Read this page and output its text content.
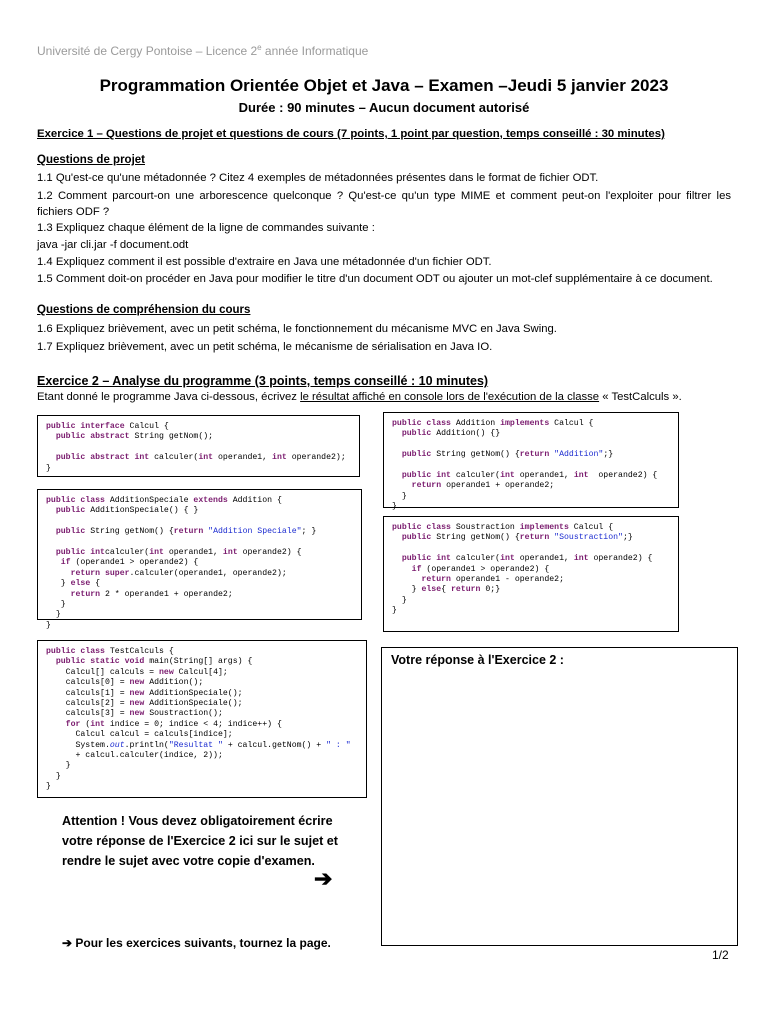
Université de Cergy Pontoise – Licence 2e année Informatique
Programmation Orientée Objet et Java – Examen –Jeudi 5 janvier 2023
Durée : 90 minutes – Aucun document autorisé
Exercice 1 – Questions de projet et questions de cours (7 points, 1 point par question, temps conseillé : 30 minutes)
Questions de projet
1.1 Qu'est-ce qu'une métadonnée ? Citez 4 exemples de métadonnées présentes dans le format de fichier ODT.
1.2 Comment parcourt-on une arborescence quelconque ? Qu'est-ce qu'un type MIME et comment peut-on l'exploiter pour filtrer les fichiers ODF ?
1.3 Expliquez chaque élément de la ligne de commandes suivante :
java -jar cli.jar -f document.odt
1.4 Expliquez comment il est possible d'extraire en Java une métadonnée d'un fichier ODT.
1.5 Comment doit-on procéder en Java pour modifier le titre d'un document ODT ou ajouter un mot-clef supplémentaire à ce document.
Questions de compréhension du cours
1.6 Expliquez brièvement, avec un petit schéma, le fonctionnement du mécanisme MVC en Java Swing.
1.7 Expliquez brièvement, avec un petit schéma, le mécanisme de sérialisation en Java IO.
Exercice 2 – Analyse du programme (3 points, temps conseillé : 10 minutes)
Etant donné le programme Java ci-dessous, écrivez le résultat affiché en console lors de l'exécution de la classe « TestCalculs ».
public interface Calcul {
public abstract String getNom();

public abstract int calculer(int operande1, int operande2);
}
public class AdditionSpeciale extends Addition {
public AdditionSpeciale() { }

public String getNom() {return "Addition Speciale"; }

public intcalculer(int operande1, int operande2) {
if (operande1 > operande2) {
return super.calculer(operande1, operande2);
} else {
return 2 * operande1 + operande2;
}
}
}
public class Addition implements Calcul {
public Addition() {}

public String getNom() {return "Addition";}

public int calculer(int operande1, int  operande2) {
return operande1 + operande2;
}
}
public class Soustraction implements Calcul {
public String getNom() {return "Soustraction";}

public int calculer(int operande1, int operande2) {
if (operande1 > operande2) {
return operande1 - operande2;
} else{ return 0;}
}
}
public class TestCalculs {
public static void main(String[] args) {
Calcul[] calculs = new Calcul[4];
calculs[0] = new Addition();
calculs[1] = new AdditionSpeciale();
calculs[2] = new AdditionSpeciale();
calculs[3] = new Soustraction();
for (int indice = 0; indice < 4; indice++) {
Calcul calcul = calculs[indice];
System.out.println("Resultat " + calcul.getNom() + " : "
+ calcul.calculer(indice, 2));
}
}
}
Votre réponse à l'Exercice 2 :
Attention ! Vous devez obligatoirement écrire votre réponse de l'Exercice 2 ici sur le sujet et rendre le sujet avec votre copie d'examen.
➔
➔ Pour les exercices suivants, tournez la page.
1/2
